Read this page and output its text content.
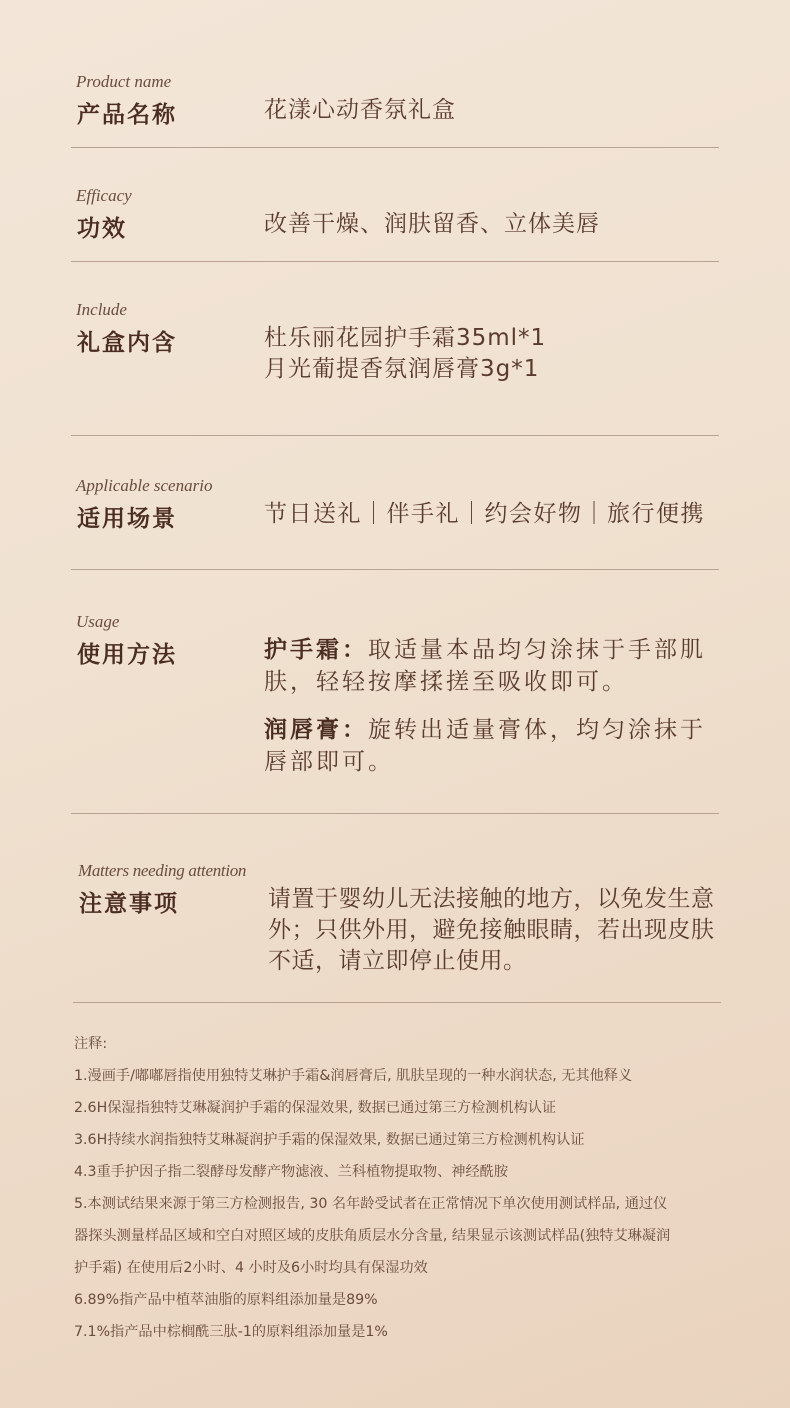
Product name
产品名称	花漾心动香氛礼盒
Efficacy
功效	改善干燥、润肤留香、立体美唇
Include
礼盒内含	杜乐丽花园护手霜35ml*1
月光葡提香氛润唇膏3g*1
Applicable scenario
适用场景	节日送礼｜伴手礼｜约会好物｜旅行便携
Usage
使用方法	护手霜：取适量本品均匀涂抹于手部肌
肤，轻轻按摩揉搓至吸收即可。
润唇膏：旋转出适量膏体，均匀涂抹于
唇部即可。
Matters needing attention
注意事项	请置于婴幼儿无法接触的地方，以免发生意
外；只供外用，避免接触眼睛，若出现皮肤
不适，请立即停止使用。
注释:
1.漫画手/嘟嘟唇指使用独特艾琳护手霜&润唇膏后, 肌肤呈现的一种水润状态, 无其他释义
2.6H保湿指独特艾琳凝润护手霜的保湿效果, 数据已通过第三方检测机构认证
3.6H持续水润指独特艾琳凝润护手霜的保湿效果, 数据已通过第三方检测机构认证
4.3重手护因子指二裂酵母发酵产物滤液、兰科植物提取物、神经酰胺
5.本测试结果来源于第三方检测报告, 30 名年龄受试者在正常情况下单次使用测试样品, 通过仪
器探头测量样品区域和空白对照区域的皮肤角质层水分含量, 结果显示该测试样品(独特艾琳凝润
护手霜) 在使用后2小时、4 小时及6小时均具有保湿功效
6.89%指产品中植萃油脂的原料组添加量是89%
7.1%指产品中棕榈酰三肽-1的原料组添加量是1%
